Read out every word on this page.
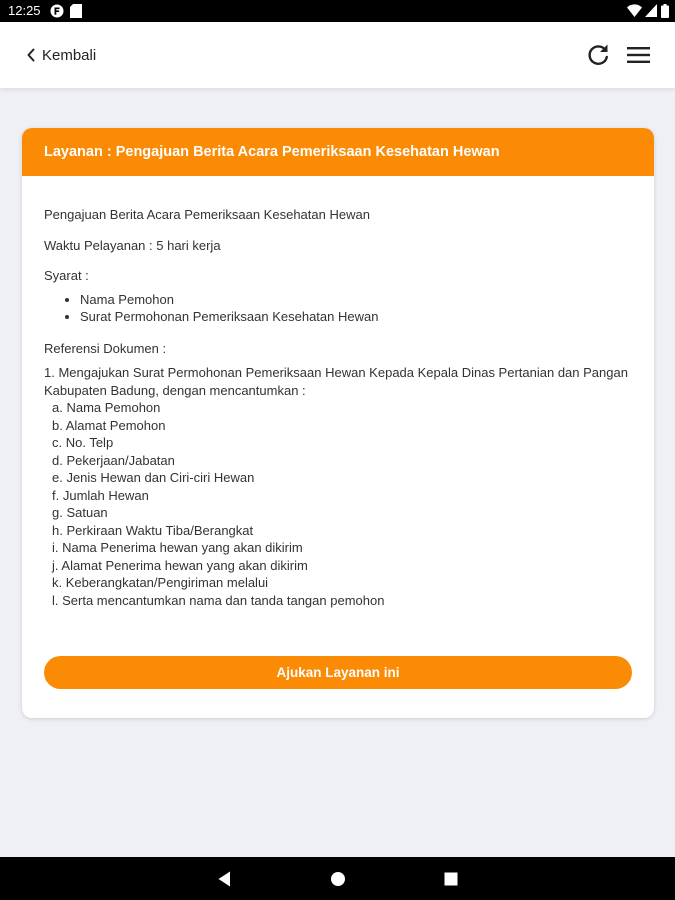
12:25
Kembali
Layanan : Pengajuan Berita Acara Pemeriksaan Kesehatan Hewan

Pengajuan Berita Acara Pemeriksaan Kesehatan Hewan

Waktu Pelayanan : 5 hari kerja

Syarat :

• Nama Pemohon
• Surat Permohonan Pemeriksaan Kesehatan Hewan

Referensi Dokumen :

1. Mengajukan Surat Permohonan Pemeriksaan Hewan Kepada Kepala Dinas Pertanian dan Pangan Kabupaten Badung, dengan mencantumkan :

a. Nama Pemohon

b. Alamat Pemohon

c. No. Telp

d. Pekerjaan/Jabatan

e. Jenis Hewan dan Ciri-ciri Hewan

f. Jumlah Hewan

g. Satuan

h. Perkiraan Waktu Tiba/Berangkat

i. Nama Penerima hewan yang akan dikirim

j. Alamat Penerima hewan yang akan dikirim

k. Keberangkatan/Pengiriman melalui

l. Serta mencantumkan nama dan tanda tangan pemohon

Ajukan Layanan ini
